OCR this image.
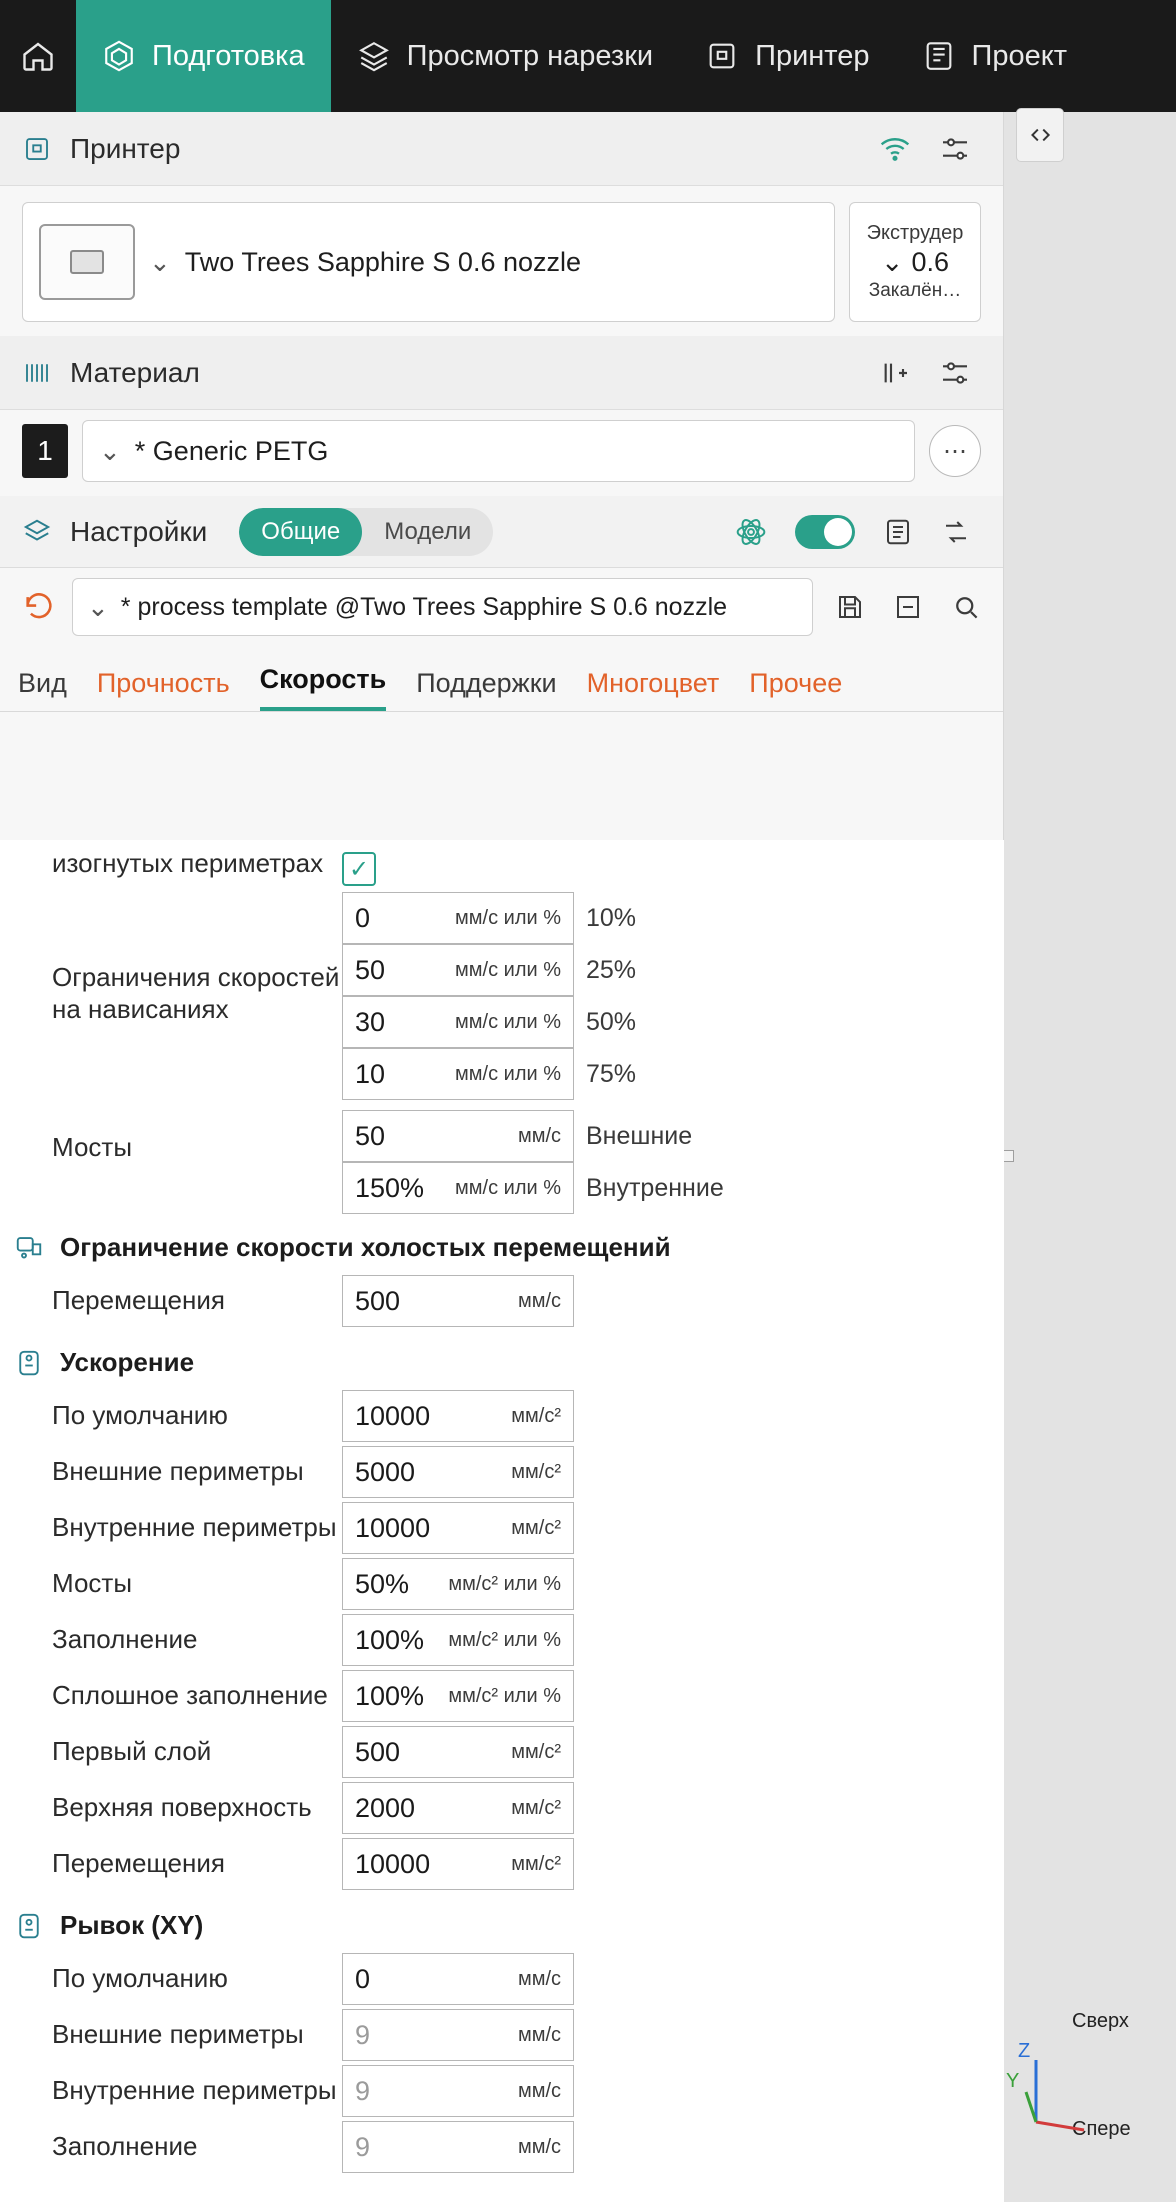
Подготовка	Просмотр нарезки	Принтер	Проект
Сверх
Спере
Z
Y
Принтер
⌄ Two Trees Sapphire S 0.6 nozzle
Экструдер
⌄ 0.6
Закалён…
Материал
1	⌄ * Generic PETG	⋯
Настройки	Общие	Модели
⌄ * process template @Two Trees Sapphire S 0.6 nozzle
Вид Прочность Скорость Поддержки Многоцвет Прочее
изогнутых периметрах	✓
Ограничения скоростей на нависаниях
0	мм/с или % 10%
50	мм/с или % 25%
30	мм/с или % 50%
10	мм/с или % 75%
Мосты	50	мм/с Внешние
150% мм/с или % Внутренние
Ограничение скорости холостых перемещений
Перемещения	500	мм/с
Ускорение
По умолчанию	10000	мм/с²
Внешние периметры	5000	мм/с²
Внутренние периметры 10000	мм/с²
Мосты	50% мм/с² или %
Заполнение	100% мм/с² или %
Сплошное заполнение	100% мм/с² или %
Первый слой	500	мм/с²
Верхняя поверхность	2000	мм/с²
Перемещения	10000	мм/с²
Рывок (XY)
По умолчанию	0	мм/с
Внешние периметры	9	мм/с
Внутренние периметры 9	мм/с
Заполнение	9	мм/с
